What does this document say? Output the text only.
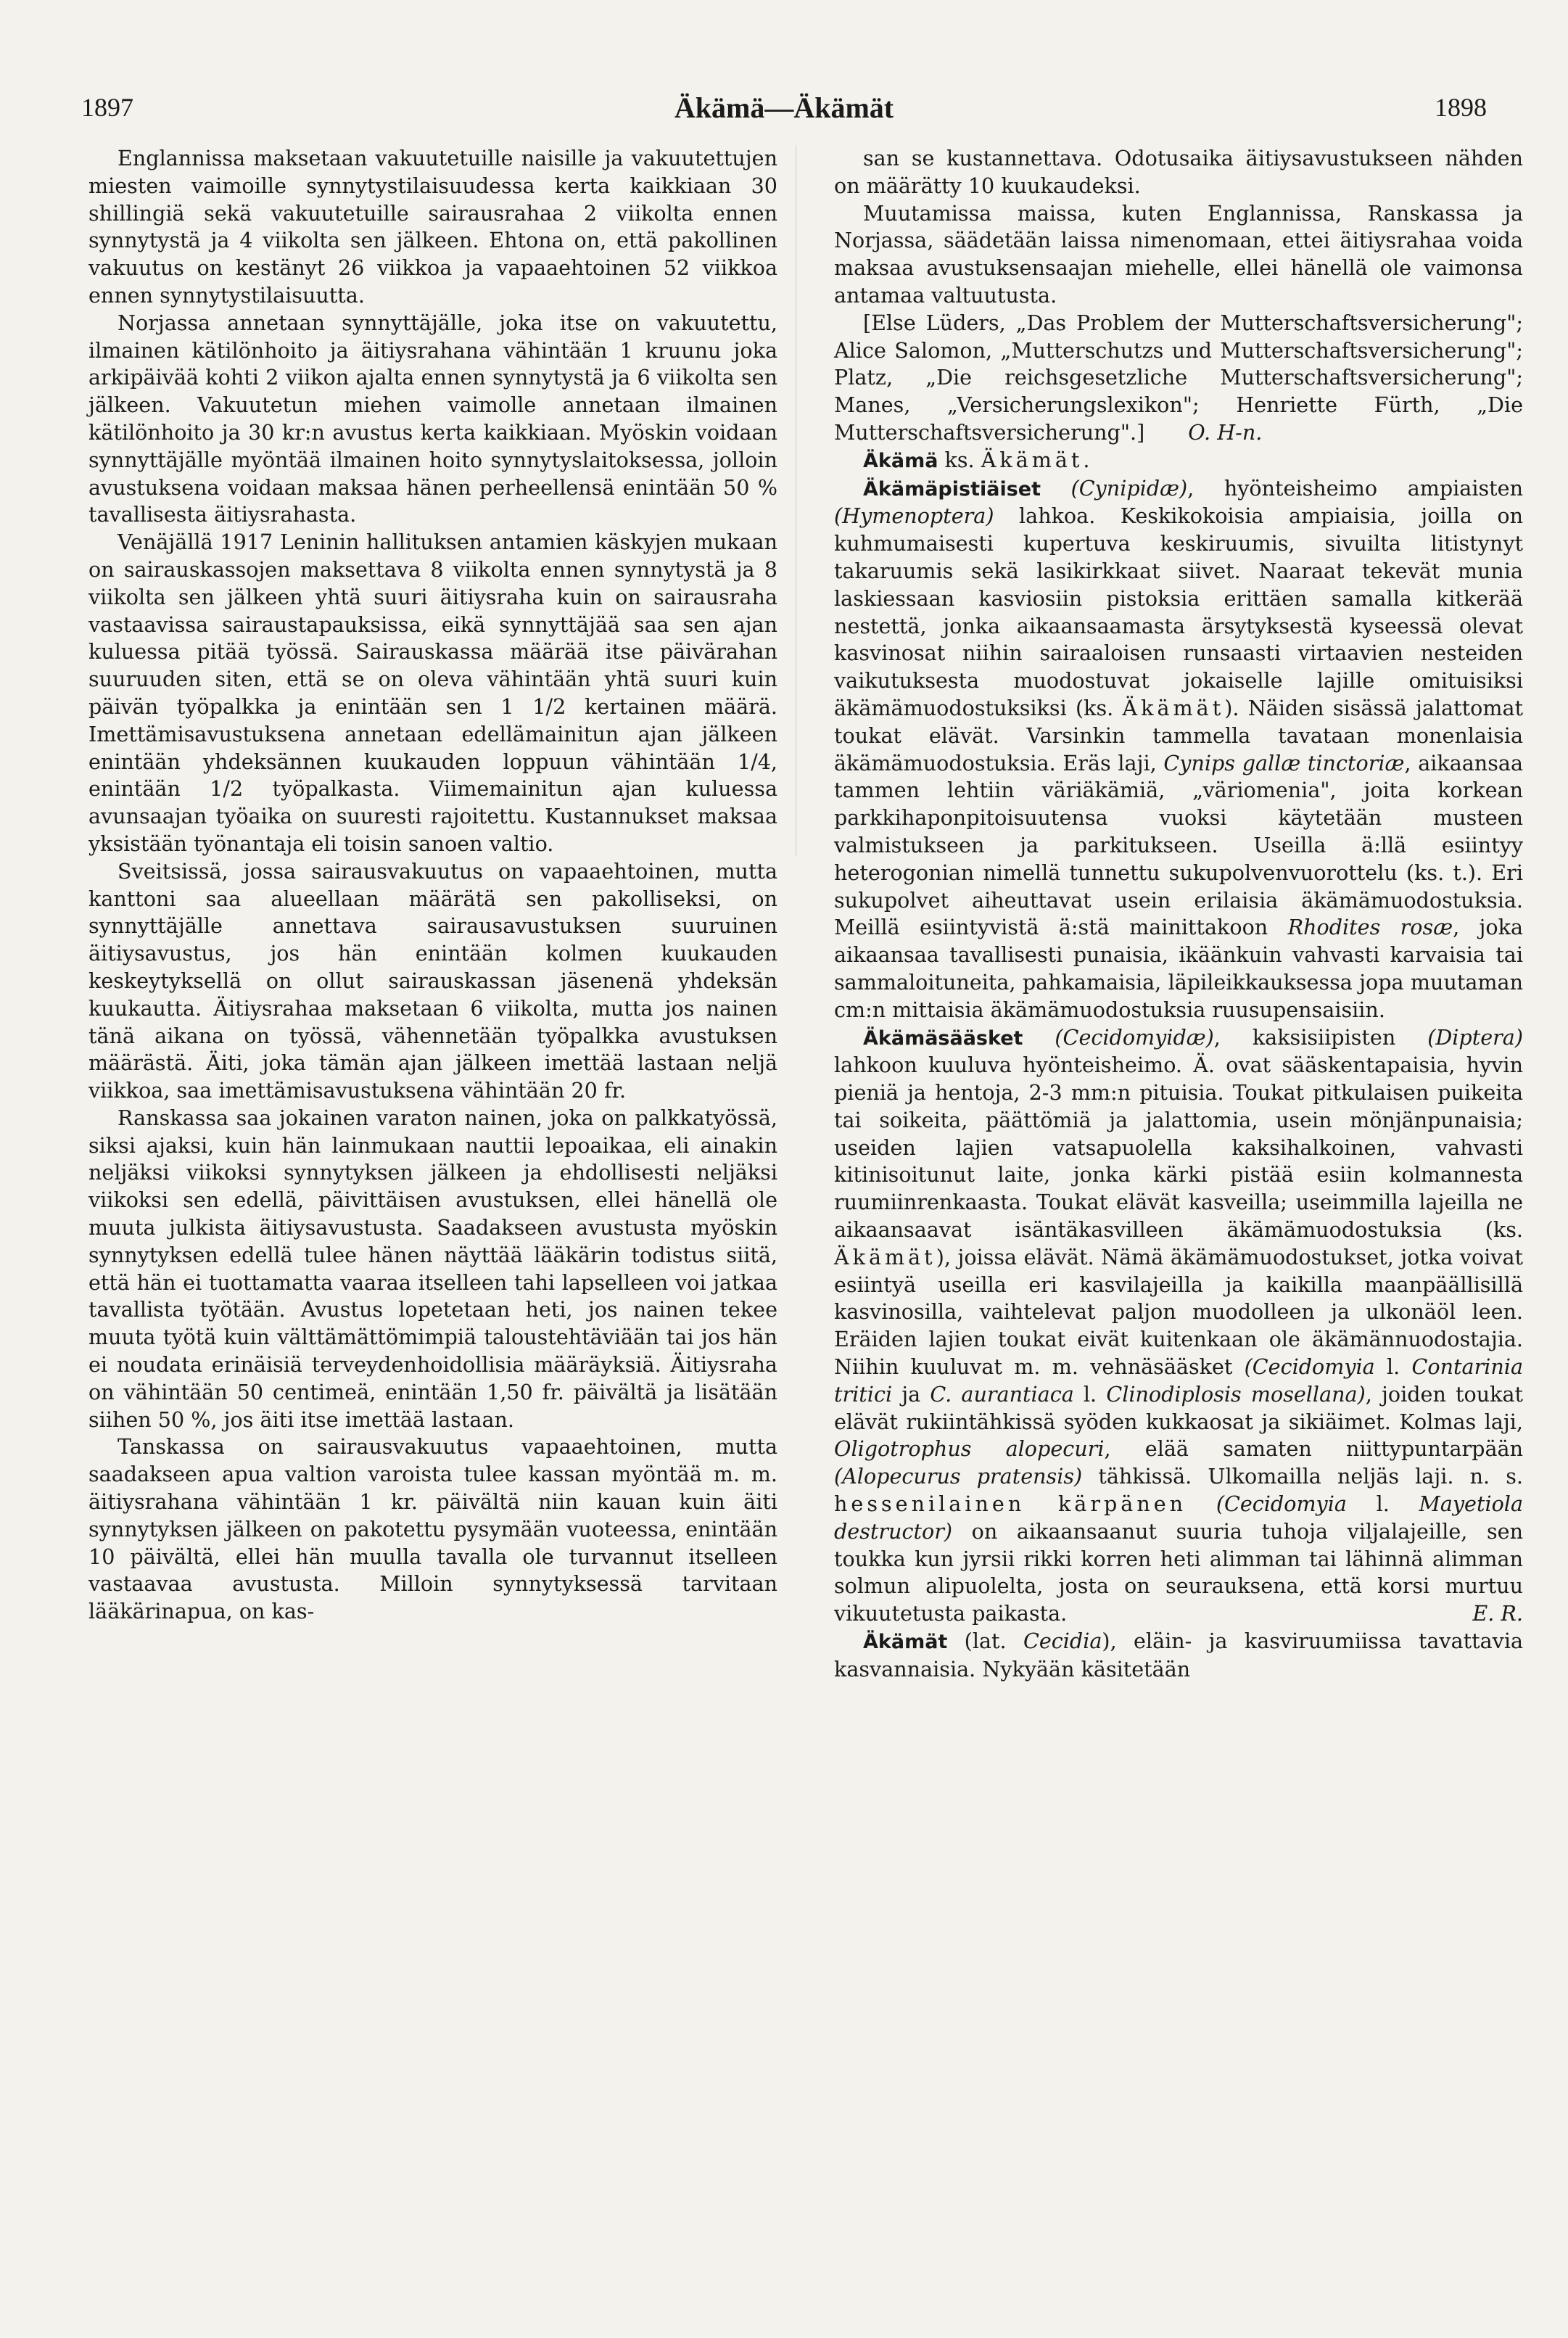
1897	Äkämä—Äkämät	1898

Englannissa maksetaan vakuutetuille naisille ja vakuutettujen miesten vaimoille synnytystilaisuudessa kerta kaikkiaan 30 shillingiä sekä vakuutetuille sairausrahaa 2 viikolta ennen synnytystä ja 4 viikolta sen jälkeen. Ehtona on, että pakollinen vakuutus on kestänyt 26 viikkoa ja vapaaehtoinen 52 viikkoa ennen synnytystilaisuutta.

Norjassa annetaan synnyttäjälle, joka itse on vakuutettu, ilmainen kätilönhoito ja äitiysrahana vähintään 1 kruunu joka arkipäivää kohti 2 viikon ajalta ennen synnytystä ja 6 viikolta sen jälkeen. Vakuutetun miehen vaimolle annetaan ilmainen kätilönhoito ja 30 kr:n avustus kerta kaikkiaan. Myöskin voidaan synnyttäjälle myöntää ilmainen hoito synnytyslaitoksessa, jolloin avustuksena voidaan maksaa hänen perheellensä enintään 50 % tavallisesta äitiysrahasta.

Venäjällä 1917 Leninin hallituksen antamien käskyjen mukaan on sairauskassojen maksettava 8 viikolta ennen synnytystä ja 8 viikolta sen jälkeen yhtä suuri äitiysraha kuin on sairausraha vastaavissa sairaustapauksissa, eikä synnyttäjää saa sen ajan kuluessa pitää työssä. Sairauskassa määrää itse päivärahan suuruuden siten, että se on oleva vähintään yhtä suuri kuin päivän työpalkka ja enintään sen 1 1/2 kertainen määrä. Imettämisavustuksena annetaan edellämainitun ajan jälkeen enintään yhdeksännen kuukauden loppuun vähintään 1/4, enintään 1/2 työpalkasta. Viimemainitun ajan kuluessa avunsaajan työaika on suuresti rajoitettu. Kustannukset maksaa yksistään työnantaja eli toisin sanoen valtio.

Sveitsissä, jossa sairausvakuutus on vapaaehtoinen, mutta kanttoni saa alueellaan määrätä sen pakolliseksi, on synnyttäjälle annettava sairausavustuksen suuruinen äitiysavustus, jos hän enintään kolmen kuukauden keskeytyksellä on ollut sairauskassan jäsenenä yhdeksän kuukautta. Äitiysrahaa maksetaan 6 viikolta, mutta jos nainen tänä aikana on työssä, vähennetään työpalkka avustuksen määrästä. Äiti, joka tämän ajan jälkeen imettää lastaan neljä viikkoa, saa imettämisavustuksena vähintään 20 fr.

Ranskassa saa jokainen varaton nainen, joka on palkkatyössä, siksi ajaksi, kuin hän lainmukaan nauttii lepoaikaa, eli ainakin neljäksi viikoksi synnytyksen jälkeen ja ehdollisesti neljäksi viikoksi sen edellä, päivittäisen avustuksen, ellei hänellä ole muuta julkista äitiysavustusta. Saadakseen avustusta myöskin synnytyksen edellä tulee hänen näyttää lääkärin todistus siitä, että hän ei tuottamatta vaaraa itselleen tahi lapselleen voi jatkaa tavallista työtään. Avustus lopetetaan heti, jos nainen tekee muuta työtä kuin välttämättömimpiä taloustehtäviään tai jos hän ei noudata erinäisiä terveydenhoidollisia määräyksiä. Äitiysraha on vähintään 50 centimeä, enintään 1,50 fr. päivältä ja lisätään siihen 50 %, jos äiti itse imettää lastaan.

Tanskassa on sairausvakuutus vapaaehtoinen, mutta saadakseen apua valtion varoista tulee kassan myöntää m. m. äitiysrahana vähintään 1 kr. päivältä niin kauan kuin äiti synnytyksen jälkeen on pakotettu pysymään vuoteessa, enintään 10 päivältä, ellei hän muulla tavalla ole turvannut itselleen vastaavaa avustusta. Milloin synnytyksessä tarvitaan lääkärinapua, on kas-

san se kustannettava. Odotusaika äitiysavustukseen nähden on määrätty 10 kuukaudeksi.

Muutamissa maissa, kuten Englannissa, Ranskassa ja Norjassa, säädetään laissa nimenomaan, ettei äitiysrahaa voida maksaa avustuksensaajan miehelle, ellei hänellä ole vaimonsa antamaa valtuutusta.

[Else Lüders, „Das Problem der Mutterschaftsversicherung"; Alice Salomon, „Mutterschutzs und Mutterschaftsversicherung"; Platz, „Die reichsgesetzliche Mutterschaftsversicherung"; Manes, „Versicherungslexikon"; Henriette Fürth, „Die Mutterschaftsversicherung".] O. H-n.

Äkämä ks. Äkämät.

Äkämäpistiäiset (Cynipidæ), hyönteisheimo ampiaisten (Hymenoptera) lahkoa. Keskikokoisia ampiaisia, joilla on kuhmumaisesti kupertuva keskiruumis, sivuilta litistynyt takaruumis sekä lasikirkkaat siivet. Naaraat tekevät munia laskiessaan kasviosiin pistoksia erittäen samalla kitkerää nestettä, jonka aikaansaamasta ärsytyksestä kyseessä olevat kasvinosat niihin sairaaloisen runsaasti virtaavien nesteiden vaikutuksesta muodostuvat jokaiselle lajille omituisiksi äkämämuodostuksiksi (ks. Äkämät). Näiden sisässä jalattomat toukat elävät. Varsinkin tammella tavataan monenlaisia äkämämuodostuksia. Eräs laji, Cynips gallæ tinctoriæ, aikaansaa tammen lehtiin väriäkämiä, „väriomenia", joita korkean parkkihaponpitoisuutensa vuoksi käytetään musteen valmistukseen ja parkitukseen. Useilla ä:llä esiintyy heterogonian nimellä tunnettu sukupolvenvuorottelu (ks. t.). Eri sukupolvet aiheuttavat usein erilaisia äkämämuodostuksia. Meillä esiintyvistä ä:stä mainittakoon Rhodites rosæ, joka aikaansaa tavallisesti punaisia, ikäänkuin vahvasti karvaisia tai sammaloituneita, pahkamaisia, läpileikkauksessa jopa muutaman cm:n mittaisia äkämämuodostuksia ruusupensaisiin.

Äkämäsääsket (Cecidomyidæ), kaksisiipisten (Diptera) lahkoon kuuluva hyönteisheimo. Ä. ovat sääskentapaisia, hyvin pieniä ja hentoja, 2-3 mm:n pituisia. Toukat pitkulaisen puikeita tai soikeita, päättömiä ja jalattomia, usein mönjänpunaisia; useiden lajien vatsapuolella kaksihalkoinen, vahvasti kitinisoitunut laite, jonka kärki pistää esiin kolmannesta ruumiinrenkaasta. Toukat elävät kasveilla; useimmilla lajeilla ne aikaansaavat isäntäkasvilleen äkämämuodostuksia (ks. Äkämät), joissa elävät. Nämä äkämämuodostukset, jotka voivat esiintyä useilla eri kasvilajeilla ja kaikilla maanpäällisillä kasvinosilla, vaihtelevat paljon muodolleen ja ulkonäöl leen. Eräiden lajien toukat eivät kuitenkaan ole äkämännuodostajia. Niihin kuuluvat m. m. vehnäsääsket (Cecidomyia l. Contarinia tritici ja C. aurantiaca l. Clinodiplosis mosellana), joiden toukat elävät rukiintähkissä syöden kukkaosat ja sikiäimet. Kolmas laji, Oligotrophus alopecuri, elää samaten niittypuntarpään (Alopecurus pratensis) tähkissä. Ulkomailla neljäs laji. n. s. hessenilainen kärpänen (Cecidomyia l. Mayetiola destructor) on aikaansaanut suuria tuhoja viljalajeille, sen toukka kun jyrsii rikki korren heti alimman tai lähinnä alimman solmun alipuolelta, josta on seurauksena, että korsi murtuu vikuutetusta paikasta.	E. R.

Äkämät (lat. Cecidia), eläin- ja kasviruumiissa tavattavia kasvannaisia. Nykyään käsitetään
